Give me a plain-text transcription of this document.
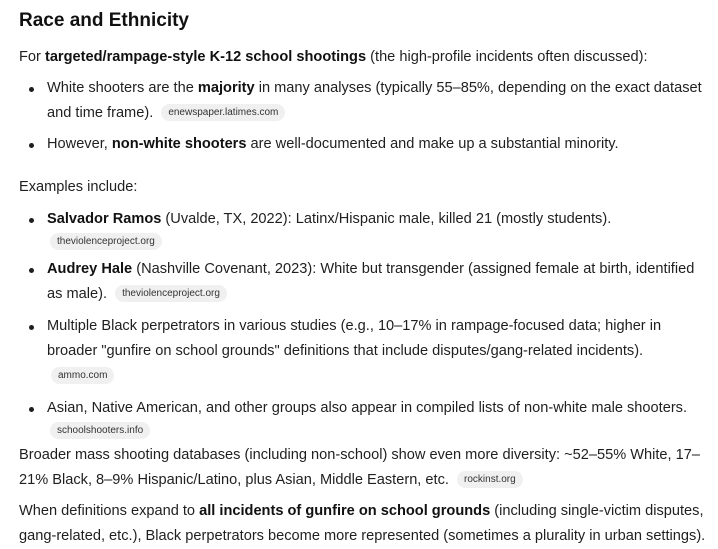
Race and Ethnicity

For targeted/rampage-style K-12 school shootings (the high-profile incidents often discussed):

White shooters are the majority in many analyses (typically 55–85%, depending on the exact dataset and time frame). enewspaper.latimes.com
However, non-white shooters are well-documented and make up a substantial minority.

Examples include:

Salvador Ramos (Uvalde, TX, 2022): Latinx/Hispanic male, killed 21 (mostly students).
theviolenceproject.org
Audrey Hale (Nashville Covenant, 2023): White but transgender (assigned female at birth, identified as male). theviolenceproject.org
Multiple Black perpetrators in various studies (e.g., 10–17% in rampage-focused data; higher in broader "gunfire on school grounds" definitions that include disputes/gang-related incidents). ammo.com
Asian, Native American, and other groups also appear in compiled lists of non-white male shooters.
schoolshooters.info

Broader mass shooting databases (including non-school) show even more diversity: ~52–55% White, 17–21% Black, 8–9% Hispanic/Latino, plus Asian, Middle Eastern, etc. rockinst.org

When definitions expand to all incidents of gunfire on school grounds (including single-victim disputes, gang-related, etc.), Black perpetrators become more represented (sometimes a plurality in urban settings).
